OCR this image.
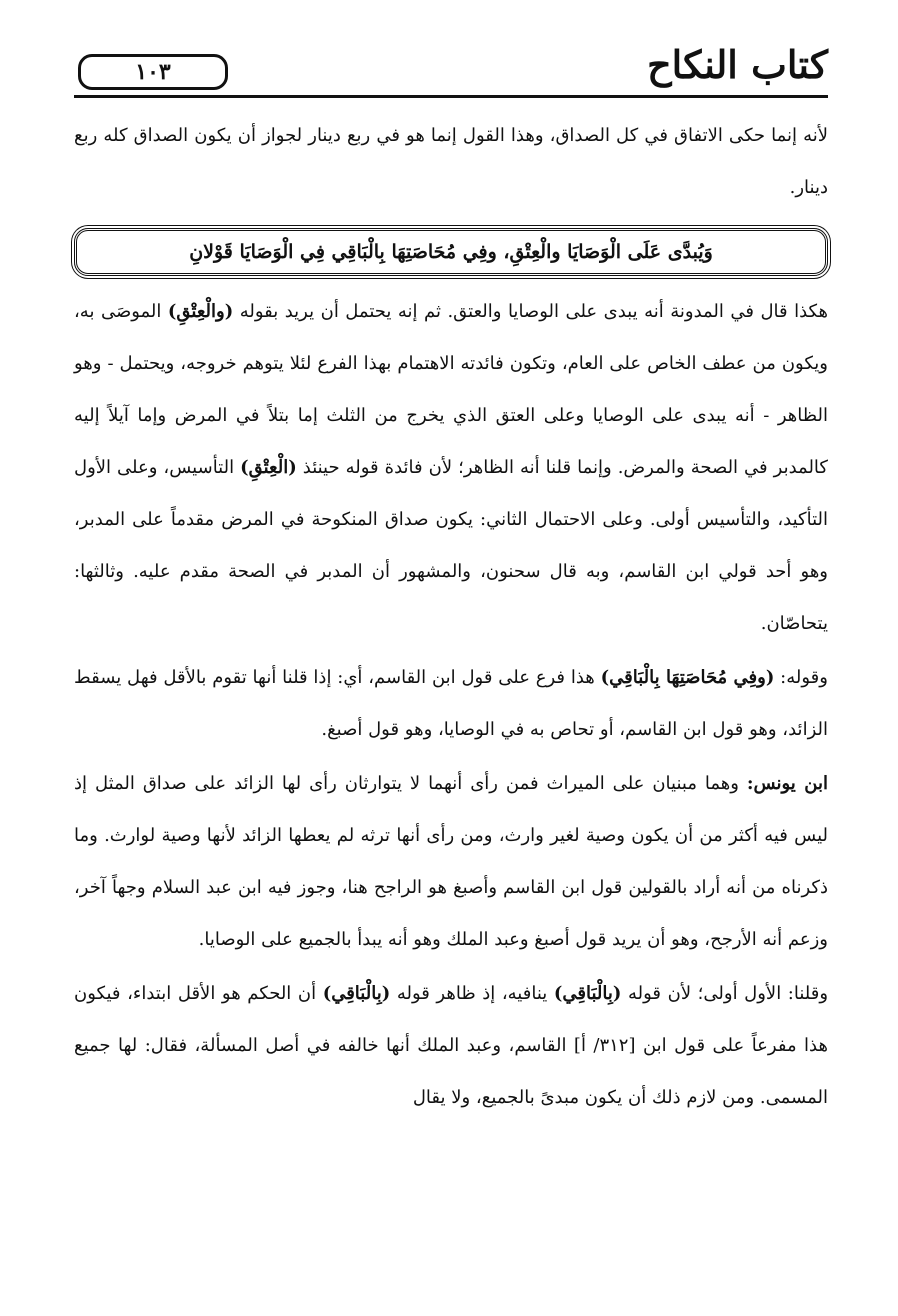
كتاب النكاح
١٠٣

لأنه إنما حكى الاتفاق في كل الصداق، وهذا القول إنما هو في ربع دينار لجواز أن يكون الصداق كله ربع دينار.

وَيُبدَّى عَلَى الْوَصَايَا والْعِتْقِ، وفِي مُحَاصَتِهَا بِالْبَاقِي فِي الْوَصَايَا قَوْلانِ

هكذا قال في المدونة أنه يبدى على الوصايا والعتق. ثم إنه يحتمل أن يريد بقوله (والْعِتْقِ) الموصَى به، ويكون من عطف الخاص على العام، وتكون فائدته الاهتمام بهذا الفرع لئلا يتوهم خروجه، ويحتمل - وهو الظاهر - أنه يبدى على الوصايا وعلى العتق الذي يخرج من الثلث إما بتلاً في المرض وإما آيلاً إليه كالمدبر في الصحة والمرض. وإنما قلنا أنه الظاهر؛ لأن فائدة قوله حينئذ (الْعِتْقِ) التأسيس، وعلى الأول التأكيد، والتأسيس أولى. وعلى الاحتمال الثاني: يكون صداق المنكوحة في المرض مقدماً على المدبر، وهو أحد قولي ابن القاسم، وبه قال سحنون، والمشهور أن المدبر في الصحة مقدم عليه. وثالثها: يتحاصّان.

وقوله: (وفِي مُحَاصَتِهَا بِالْبَاقِي) هذا فرع على قول ابن القاسم، أي: إذا قلنا أنها تقوم بالأقل فهل يسقط الزائد، وهو قول ابن القاسم، أو تحاص به في الوصايا، وهو قول أصبغ.

ابن يونس: وهما مبنيان على الميراث فمن رأى أنهما لا يتوارثان رأى لها الزائد على صداق المثل إذ ليس فيه أكثر من أن يكون وصية لغير وارث، ومن رأى أنها ترثه لم يعطها الزائد لأنها وصية لوارث. وما ذكرناه من أنه أراد بالقولين قول ابن القاسم وأصبغ هو الراجح هنا، وجوز فيه ابن عبد السلام وجهاً آخر، وزعم أنه الأرجح، وهو أن يريد قول أصبغ وعبد الملك وهو أنه يبدأ بالجميع على الوصايا.

وقلنا: الأول أولى؛ لأن قوله (بِالْبَاقِي) ينافيه، إذ ظاهر قوله (بِالْبَاقِي) أن الحكم هو الأقل ابتداء، فيكون هذا مفرعاً على قول ابن [٣١٢/ أ] القاسم، وعبد الملك أنها خالفه في أصل المسألة، فقال: لها جميع المسمى. ومن لازم ذلك أن يكون مبدىً بالجميع، ولا يقال
